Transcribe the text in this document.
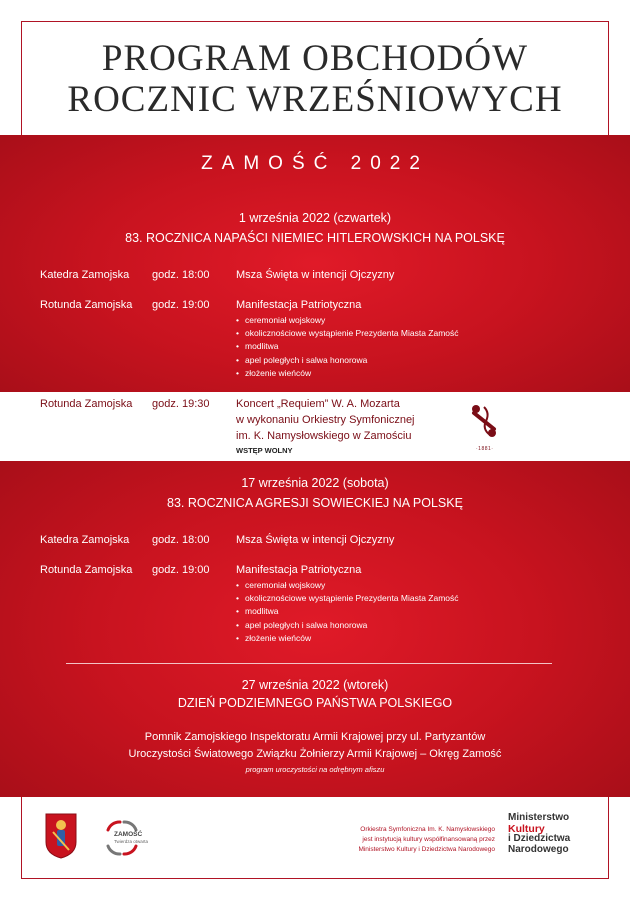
PROGRAM OBCHODÓW
ROCZNIC WRZEŚNIOWYCH
ZAMOŚĆ 2022
1 września 2022 (czwartek)
83. ROCZNICA NAPAŚCI NIEMIEC HITLEROWSKICH NA POLSKĘ
Katedra Zamojska godz. 18:00 Msza Święta w intencji Ojczyzny
Rotunda Zamojska godz. 19:00 Manifestacja Patriotyczna
• ceremoniał wojskowy
• okolicznościowe wystąpienie Prezydenta Miasta Zamość
• modlitwa
• apel poległych i salwa honorowa
• złożenie wieńców
Rotunda Zamojska godz. 19:30 Koncert „Requiem” W. A. Mozarta
w wykonaniu Orkiestry Symfonicznej
im. K. Namysłowskiego w Zamościu
WSTĘP WOLNY	·1881·
17 września 2022 (sobota)
83. ROCZNICA AGRESJI SOWIECKIEJ NA POLSKĘ
Katedra Zamojska godz. 18:00 Msza Święta w intencji Ojczyzny
Rotunda Zamojska godz. 19:00 Manifestacja Patriotyczna
• ceremoniał wojskowy
• okolicznościowe wystąpienie Prezydenta Miasta Zamość
• modlitwa
• apel poległych i salwa honorowa
• złożenie wieńców
27 września 2022 (wtorek)
DZIEŃ PODZIEMNEGO PAŃSTWA POLSKIEGO
Pomnik Zamojskiego Inspektoratu Armii Krajowej przy ul. Partyzantów
Uroczystości Światowego Związku Żołnierzy Armii Krajowej – Okręg Zamość
program uroczystości na odrębnym afiszu
ZAMOŚĆ
Twierdza otwarta
Orkiestra Symfoniczna Im. K. Namysłowskiego
jest instytucją kultury współfinansowaną przez
Ministerstwo Kultury i Dziedzictwa Narodowego
Ministerstwo
Kultury
i Dziedzictwa
Narodowego
